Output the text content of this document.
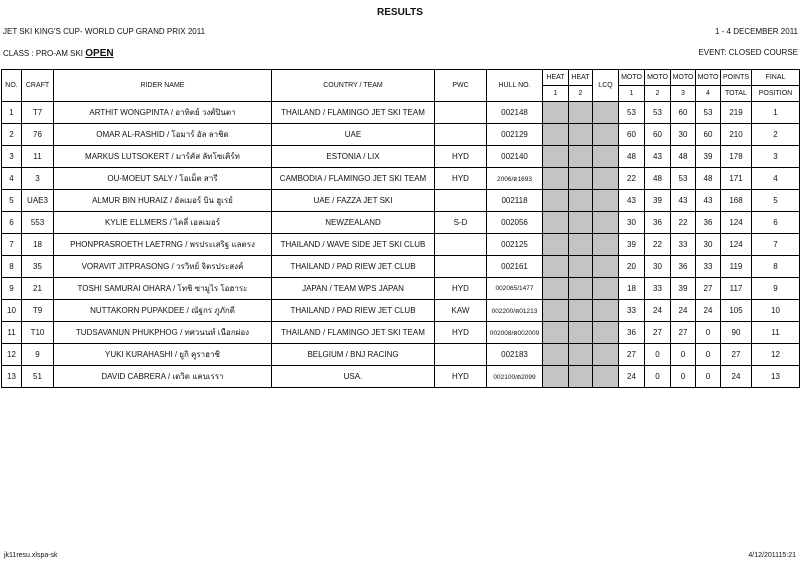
RESULTS
JET SKI KING'S CUP- WORLD CUP GRAND PRIX 2011	1 - 4 DECEMBER 2011
CLASS : PRO-AM SKI OPEN	EVENT: CLOSED COURSE
NO.	CRAFT	RIDER NAME	COUNTRY / TEAM	PWC	HULL NO.	HEAT	HEAT	LCQ	MOTO	MOTO	MOTO	MOTO	POINTS	FINAL
						1	2		1	2	3	4	TOTAL	POSITION
1	T7	ARTHIT WONGPINTA / อาทิตย์ วงศ์ปินตา	THAILAND / FLAMINGO JET SKI TEAM		002148				53	53	60	53	219	1
2	76	OMAR AL-RASHID / โอมาร์ อัล ลาชิด	UAE		002129				60	60	30	60	210	2
3	11	MARKUS LUTSOKERT / มาร์คัส ลัทโซเคิร์ท	ESTONIA / LIX	HYD	002140				48	43	48	39	178	3
4	3	OU-MOEUT SALY / โอเม็ต สารี	CAMBODIA / FLAMINGO JET SKI TEAM	HYD	2006/ต1693				22	48	53	48	171	4
5	UAE3	ALMUR BIN HURAIZ / อัลเมอร์ บิน ฮูเรย์	UAE / FAZZA JET SKI		002118				43	39	43	43	168	5
6	553	KYLIE ELLMERS / ไคลี่ เอลเมอร์	NEWZEALAND	S-D	002056				30	36	22	36	124	6
7	18	PHONPRASROETH LAETRNG / พรประเสริฐ แลตรง	THAILAND / WAVE SIDE JET SKI CLUB		002125				39	22	33	30	124	7
8	35	VORAVIT JITPRASONG / วรวิทย์ จิตรประสงค์	THAILAND / PAD RIEW JET CLUB		002161				20	30	36	33	119	8
9	21	TOSHI SAMURAI OHARA / โทชิ ซามูไร โอฮาระ	JAPAN / TEAM WPS JAPAN	HYD	002065/1477				18	33	39	27	117	9
10	T9	NUTTAKORN PUPAKDEE / ณัฐกร ภูภักดี	THAILAND / PAD RIEW JET CLUB	KAW	002200/ต01213				33	24	24	24	105	10
11	T10	TUDSAVANUN PHUKPHOG / ทศวนนท์ เนือกผ่อง	THAILAND / FLAMINGO JET SKI TEAM	HYD	002008/ต002009				36	27	27	0	90	11
12	9	YUKI KURAHASHI / ยูกิ คูราฮาชิ	BELGIUM / BNJ RACING		002183				27	0	0	0	27	12
13	51	DAVID CABRERA / เดวิด แคบเรรา	USA.	HYD	002100/ต2099				24	0	0	0	24	13
jk11resu.xlspa-sk	4/12/201115:21
